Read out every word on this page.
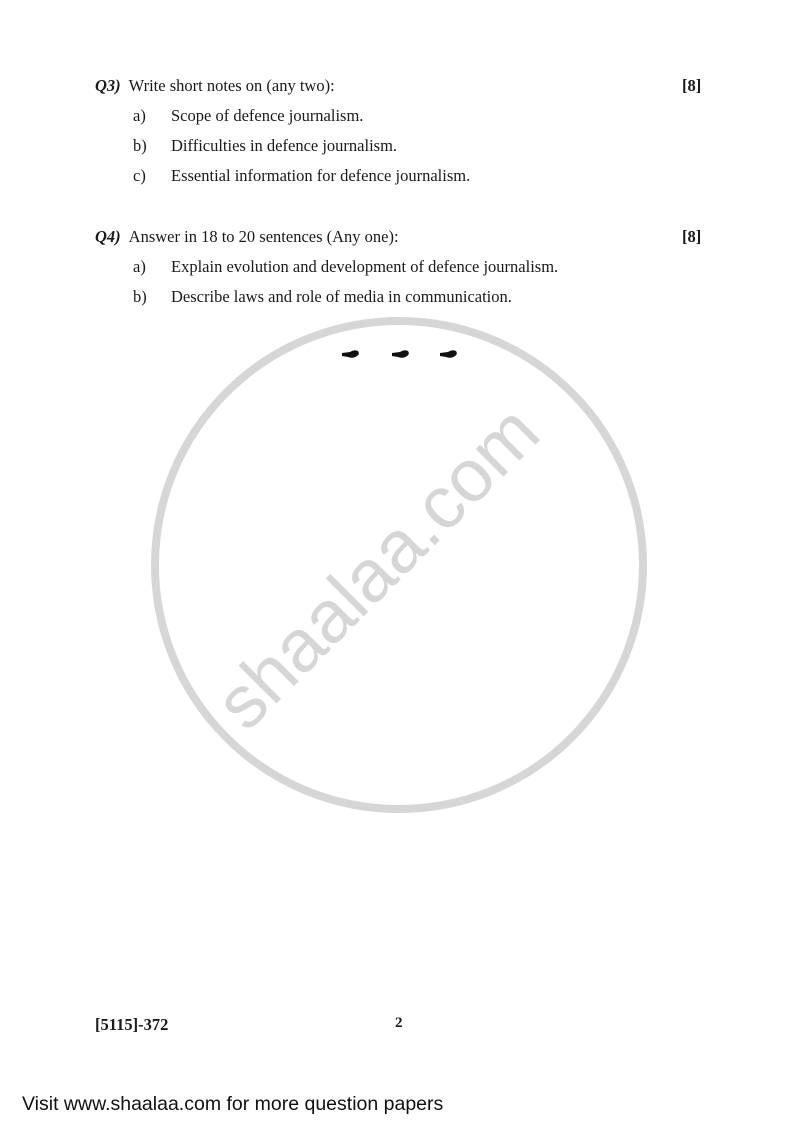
shaalaa.com
Q3) Write short notes on (any two):	[8]
a) Scope of defence journalism.
b) Difficulties in defence journalism.
c) Essential information for defence journalism.
Q4) Answer in 18 to 20 sentences (Any one):	[8]
a) Explain evolution and development of defence journalism.
b) Describe laws and role of media in communication.
[5115]-372	2
Visit www.shaalaa.com for more question papers
